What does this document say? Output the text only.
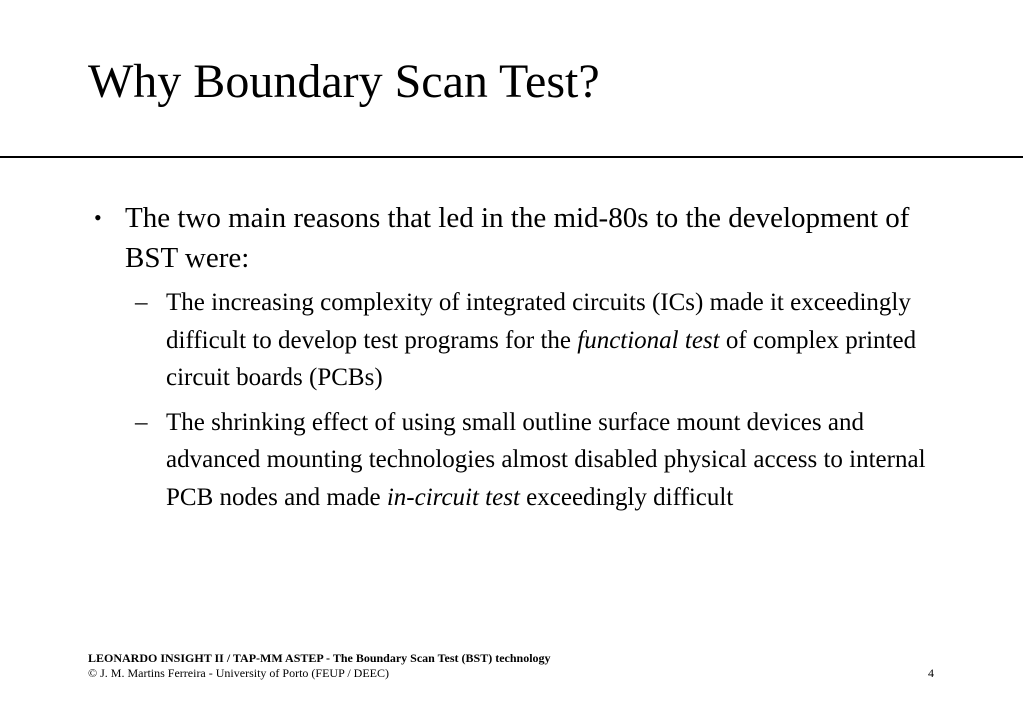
Why Boundary Scan Test?
• The two main reasons that led in the mid-80s to the development of BST were:
– The increasing complexity of integrated circuits (ICs) made it exceedingly difficult to develop test programs for the functional test of complex printed circuit boards (PCBs)
– The shrinking effect of using small outline surface mount devices and advanced mounting technologies almost disabled physical access to internal PCB nodes and made in-circuit test exceedingly difficult
LEONARDO INSIGHT II / TAP-MM ASTEP - The Boundary Scan Test (BST) technology
© J. M. Martins Ferreira - University of Porto (FEUP / DEEC)	4
